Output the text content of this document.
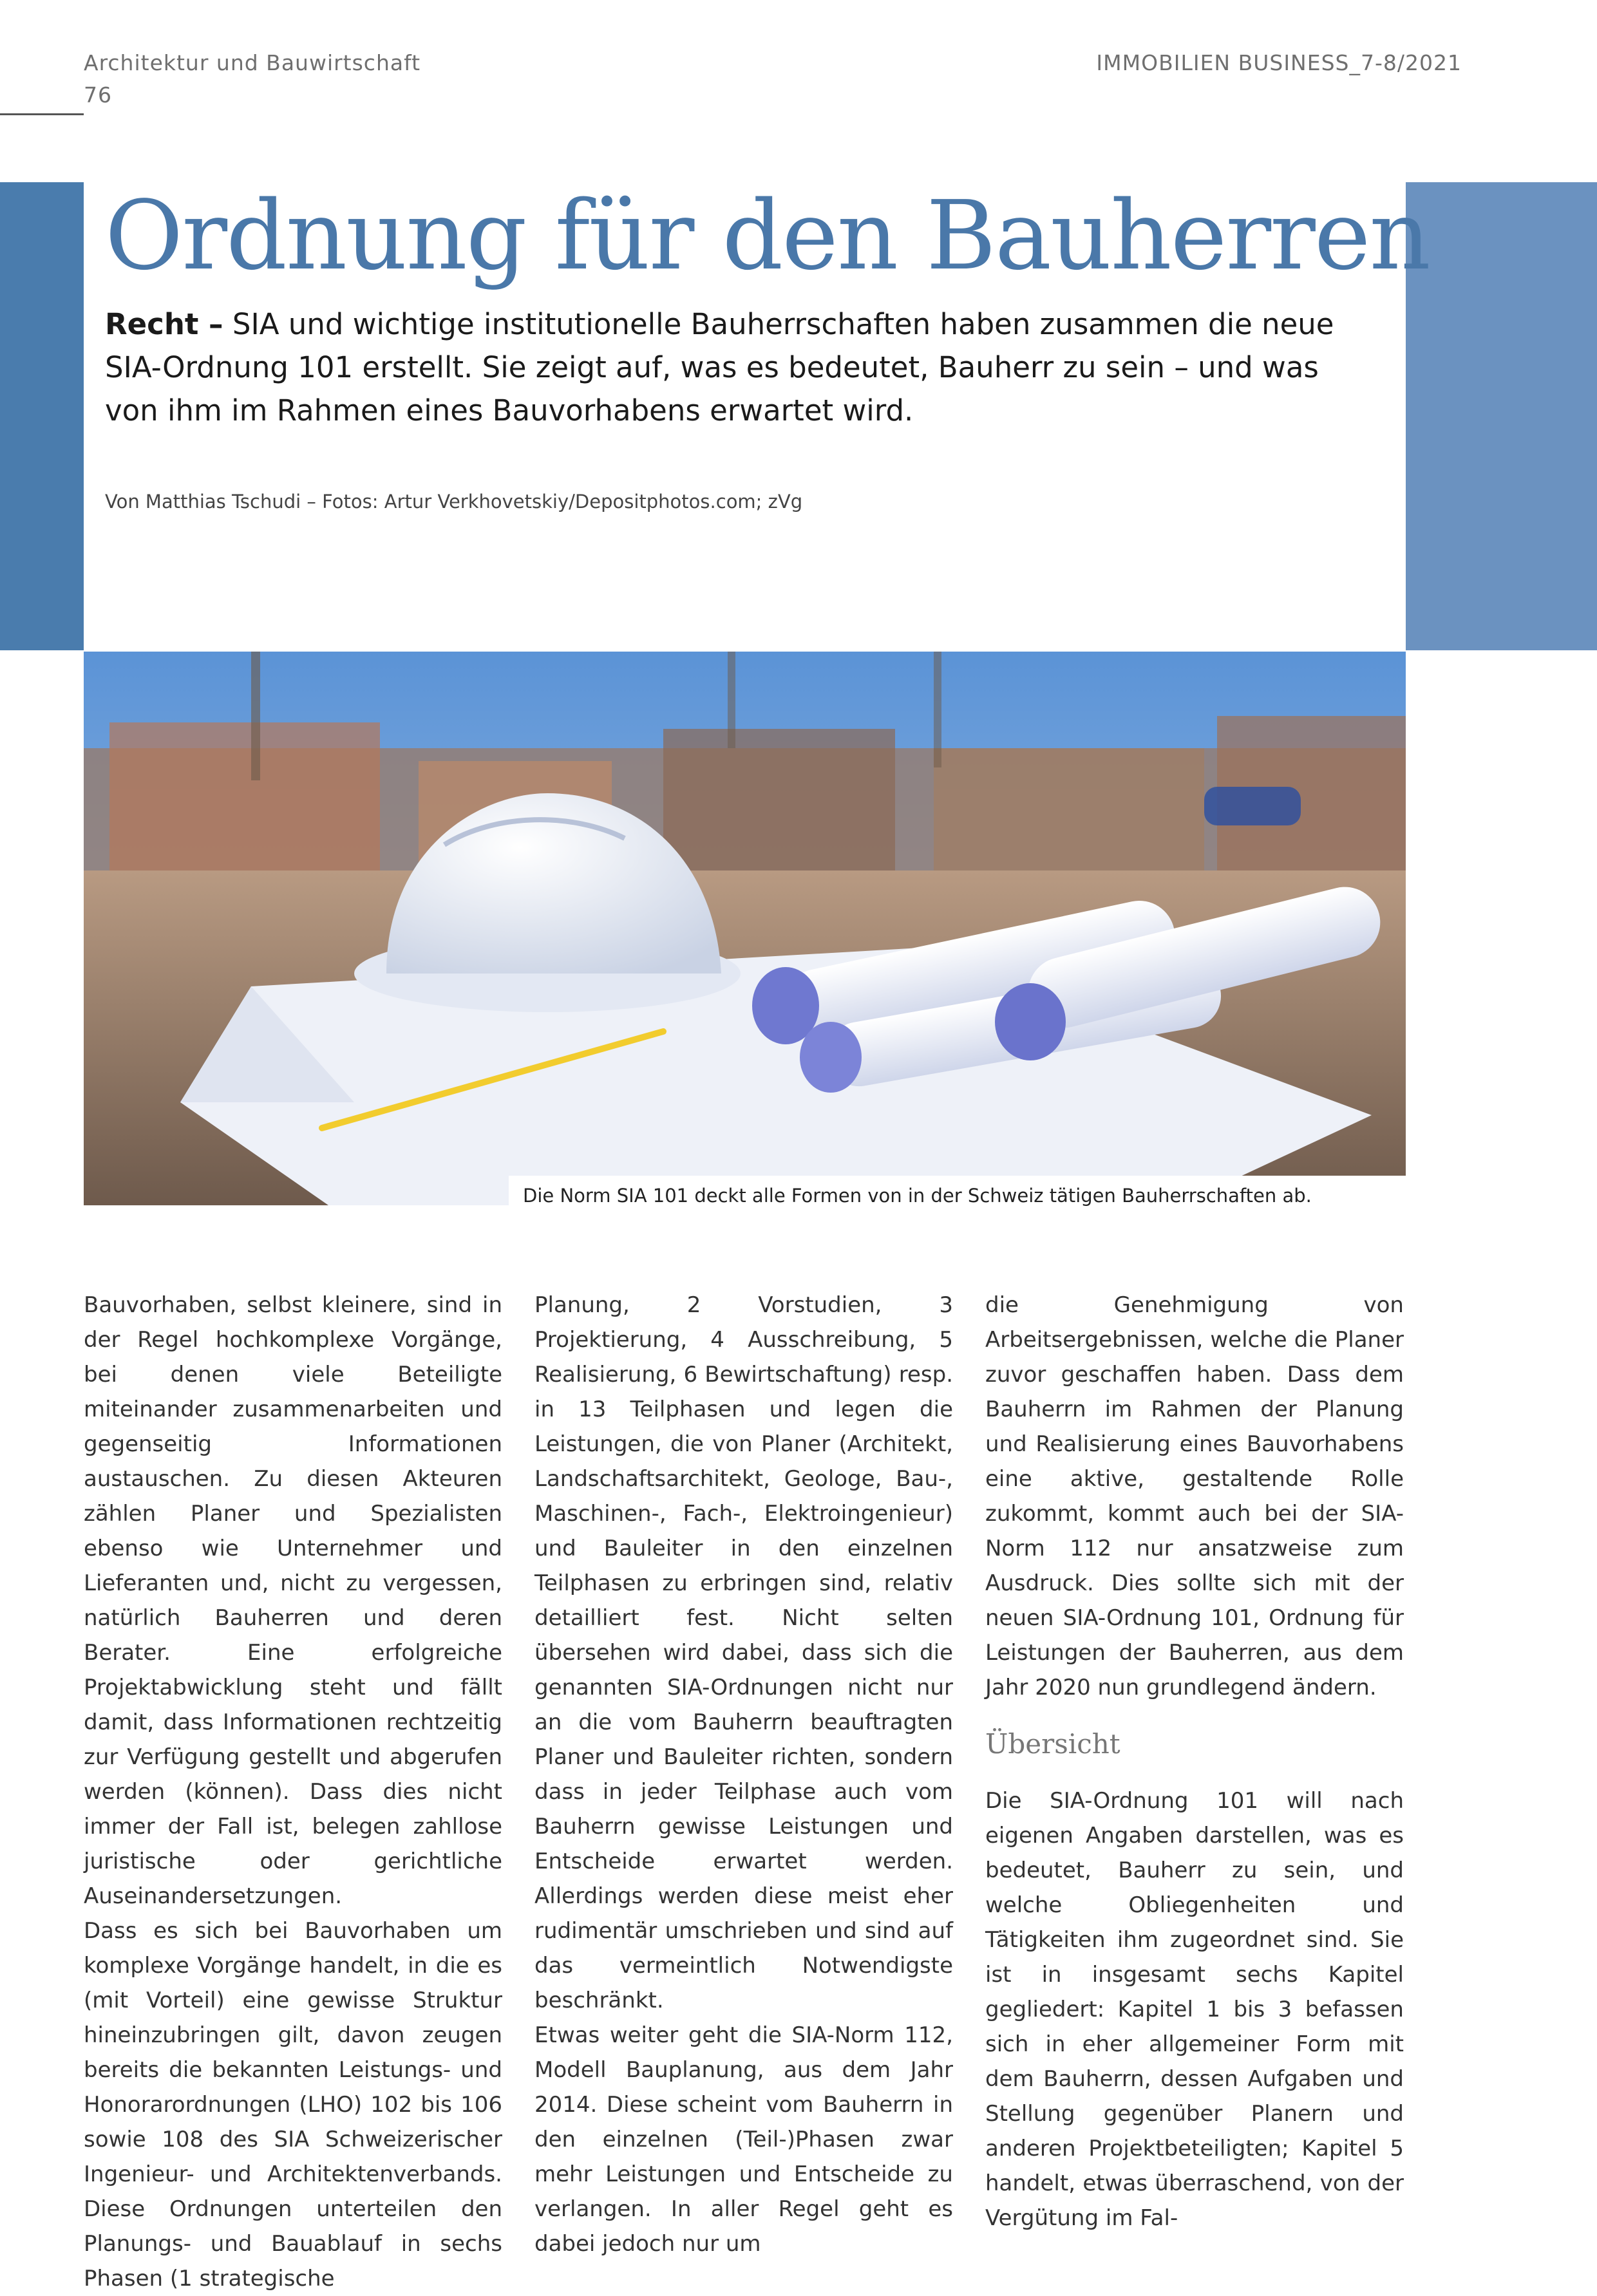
Architektur und Bauwirtschaft
76
IMMOBILIEN BUSINESS_7-8/2021
Ordnung für den Bauherren

Recht – SIA und wichtige institutionelle Bauherrschaften haben zusammen die neue SIA-Ordnung 101 erstellt. Sie zeigt auf, was es bedeutet, Bauherr zu sein – und was von ihm im Rahmen eines Bauvorhabens erwartet wird.

Von Matthias Tschudi – Fotos: Artur Verkhovetskiy/Depositphotos.com; zVg
Die Norm SIA 101 deckt alle Formen von in der Schweiz tätigen Bauherrschaften ab.

Bauvorhaben, selbst kleinere, sind in der Regel hochkomplexe Vorgänge, bei denen viele Beteiligte miteinander zusammenarbeiten und gegenseitig Informationen austauschen. Zu diesen Akteuren zählen Planer und Spezialisten ebenso wie Unternehmer und Lieferanten und, nicht zu vergessen, natürlich Bauherren und deren Berater. Eine erfolgreiche Projektabwicklung steht und fällt damit, dass Informationen rechtzeitig zur Verfügung gestellt und abgerufen werden (können). Dass dies nicht immer der Fall ist, belegen zahllose juristische oder gerichtliche Auseinandersetzungen.

Dass es sich bei Bauvorhaben um komplexe Vorgänge handelt, in die es (mit Vorteil) eine gewisse Struktur hineinzubringen gilt, davon zeugen bereits die bekannten Leistungs- und Honorarordnungen (LHO) 102 bis 106 sowie 108 des SIA Schweizerischer Ingenieur- und Architektenverbands. Diese Ordnungen unterteilen den Planungs- und Bauablauf in sechs Phasen (1 strategische

Planung, 2 Vorstudien, 3 Projektierung, 4 Ausschreibung, 5 Realisierung, 6 Bewirtschaftung) resp. in 13 Teilphasen und legen die Leistungen, die von Planer (Architekt, Landschaftsarchitekt, Geologe, Bau-, Maschinen-, Fach-, Elektroingenieur) und Bauleiter in den einzelnen Teilphasen zu erbringen sind, relativ detailliert fest. Nicht selten übersehen wird dabei, dass sich die genannten SIA-Ordnungen nicht nur an die vom Bauherrn beauftragten Planer und Bauleiter richten, sondern dass in jeder Teilphase auch vom Bauherrn gewisse Leistungen und Entscheide erwartet werden. Allerdings werden diese meist eher rudimentär umschrieben und sind auf das vermeintlich Notwendigste beschränkt.

Etwas weiter geht die SIA-Norm 112, Modell Bauplanung, aus dem Jahr 2014. Diese scheint vom Bauherrn in den einzelnen (Teil-)Phasen zwar mehr Leistungen und Entscheide zu verlangen. In aller Regel geht es dabei jedoch nur um

die Genehmigung von Arbeitsergebnissen, welche die Planer zuvor geschaffen haben. Dass dem Bauherrn im Rahmen der Planung und Realisierung eines Bauvorhabens eine aktive, gestaltende Rolle zukommt, kommt auch bei der SIA-Norm 112 nur ansatzweise zum Ausdruck. Dies sollte sich mit der neuen SIA-Ordnung 101, Ordnung für Leistungen der Bauherren, aus dem Jahr 2020 nun grundlegend ändern.

Übersicht

Die SIA-Ordnung 101 will nach eigenen Angaben darstellen, was es bedeutet, Bauherr zu sein, und welche Obliegenheiten und Tätigkeiten ihm zugeordnet sind. Sie ist in insgesamt sechs Kapitel gegliedert: Kapitel 1 bis 3 befassen sich in eher allgemeiner Form mit dem Bauherrn, dessen Aufgaben und Stellung gegenüber Planern und anderen Projektbeteiligten; Kapitel 5 handelt, etwas überraschend, von der Vergütung im Fal-
